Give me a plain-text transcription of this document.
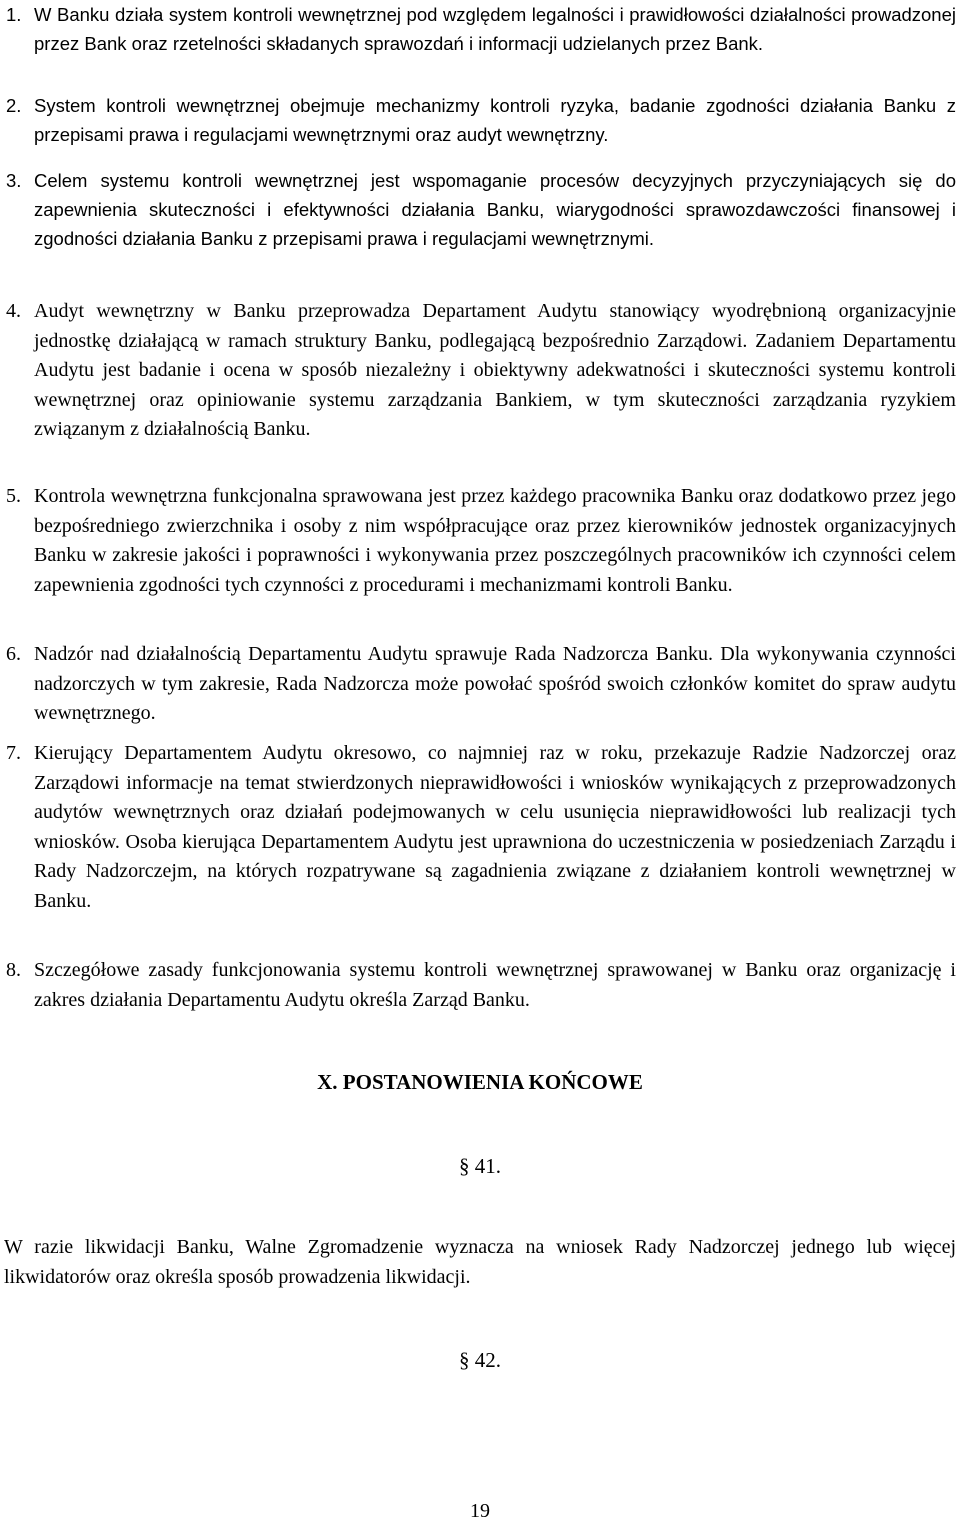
1. W Banku działa system kontroli wewnętrznej pod względem legalności i prawidłowości działalności prowadzonej przez Bank oraz rzetelności składanych sprawozdań i informacji udzielanych przez Bank.

2. System kontroli wewnętrznej obejmuje mechanizmy kontroli ryzyka, badanie zgodności działania Banku z przepisami prawa i regulacjami wewnętrznymi oraz audyt wewnętrzny.

3. Celem systemu kontroli wewnętrznej jest wspomaganie procesów decyzyjnych przyczyniających się do zapewnienia skuteczności i efektywności działania Banku, wiarygodności sprawozdawczości finansowej i zgodności działania Banku z przepisami prawa i regulacjami wewnętrznymi.

4. Audyt wewnętrzny w Banku przeprowadza Departament Audytu stanowiący wyodrębnioną organizacyjnie jednostkę działającą w ramach struktury Banku, podlegającą bezpośrednio Zarządowi. Zadaniem Departamentu Audytu jest badanie i ocena w sposób niezależny i obiektywny adekwatności i skuteczności systemu kontroli wewnętrznej oraz opiniowanie systemu zarządzania Bankiem, w tym skuteczności zarządzania ryzykiem związanym z działalnością Banku.

5. Kontrola wewnętrzna funkcjonalna sprawowana jest przez każdego pracownika Banku oraz dodatkowo przez jego bezpośredniego zwierzchnika i osoby z nim współpracujące oraz przez kierowników jednostek organizacyjnych Banku w zakresie jakości i poprawności i wykonywania przez poszczególnych pracowników ich czynności celem zapewnienia zgodności tych czynności z procedurami i mechanizmami kontroli Banku.

6. Nadzór nad działalnością Departamentu Audytu sprawuje Rada Nadzorcza Banku. Dla wykonywania czynności nadzorczych w tym zakresie, Rada Nadzorcza może powołać spośród swoich członków komitet do spraw audytu wewnętrznego.

7. Kierujący Departamentem Audytu okresowo, co najmniej raz w roku, przekazuje Radzie Nadzorczej oraz Zarządowi informacje na temat stwierdzonych nieprawidłowości i wniosków wynikających z przeprowadzonych audytów wewnętrznych oraz działań podejmowanych w celu usunięcia nieprawidłowości lub realizacji tych wniosków. Osoba kierująca Departamentem Audytu jest uprawniona do uczestniczenia w posiedzeniach Zarządu i Rady Nadzorczejm, na których rozpatrywane są zagadnienia związane z działaniem kontroli wewnętrznej w Banku.

8. Szczegółowe zasady funkcjonowania systemu kontroli wewnętrznej sprawowanej w Banku oraz organizację i zakres działania Departamentu Audytu określa Zarząd Banku.

X. POSTANOWIENIA KOŃCOWE
§ 41.

W razie likwidacji Banku, Walne Zgromadzenie wyznacza na wniosek Rady Nadzorczej jednego lub więcej likwidatorów oraz określa sposób prowadzenia likwidacji.

§ 42.
19
